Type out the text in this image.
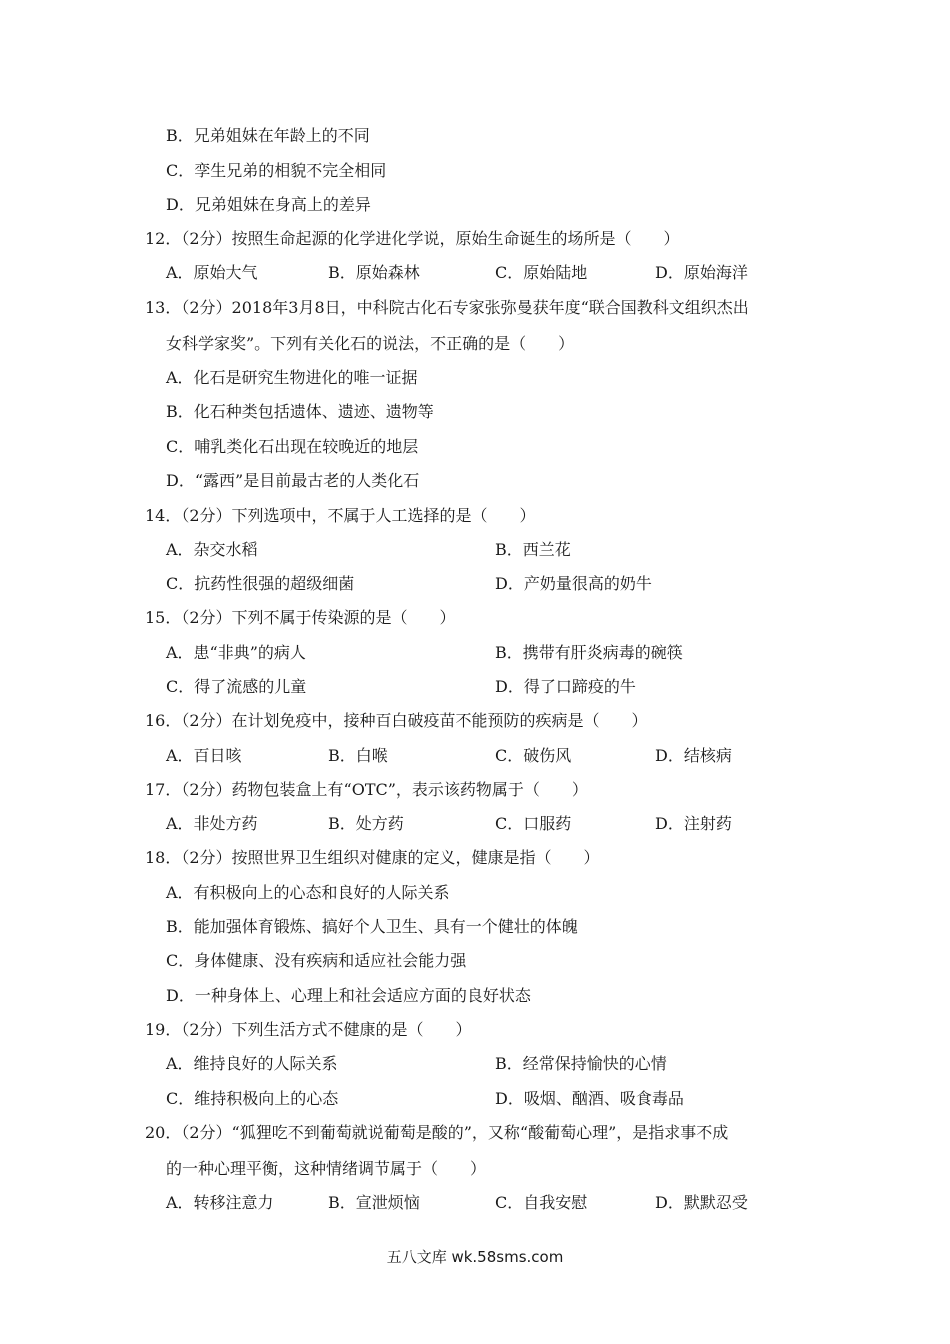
B．兄弟姐妹在年龄上的不同
C．孪生兄弟的相貌不完全相同
D．兄弟姐妹在身高上的差异
12．（2分）按照生命起源的化学进化学说，原始生命诞生的场所是（　　）
A．原始大气	B．原始森林	C．原始陆地	D．原始海洋
13．（2分）2018年3月8日，中科院古化石专家张弥曼获年度“联合国教科文组织杰出
女科学家奖”。下列有关化石的说法，不正确的是（　　）
A．化石是研究生物进化的唯一证据
B．化石种类包括遗体、遗迹、遗物等
C．哺乳类化石出现在较晚近的地层
D．“露西”是目前最古老的人类化石
14．（2分）下列选项中，不属于人工选择的是（　　）
A．杂交水稻	B．西兰花
C．抗药性很强的超级细菌	D．产奶量很高的奶牛
15．（2分）下列不属于传染源的是（　　）
A．患“非典”的病人	B．携带有肝炎病毒的碗筷
C．得了流感的儿童	D．得了口蹄疫的牛
16．（2分）在计划免疫中，接种百白破疫苗不能预防的疾病是（　　）
A．百日咳	B．白喉	C．破伤风	D．结核病
17．（2分）药物包装盒上有“OTC”，表示该药物属于（　　）
A．非处方药	B．处方药	C．口服药	D．注射药
18．（2分）按照世界卫生组织对健康的定义，健康是指（　　）
A．有积极向上的心态和良好的人际关系
B．能加强体育锻炼、搞好个人卫生、具有一个健壮的体魄
C．身体健康、没有疾病和适应社会能力强
D．一种身体上、心理上和社会适应方面的良好状态
19．（2分）下列生活方式不健康的是（　　）
A．维持良好的人际关系	B．经常保持愉快的心情
C．维持积极向上的心态	D．吸烟、酗酒、吸食毒品
20．（2分）“狐狸吃不到葡萄就说葡萄是酸的”，又称“酸葡萄心理”，是指求事不成
的一种心理平衡，这种情绪调节属于（　　）
A．转移注意力	B．宣泄烦恼	C．自我安慰	D．默默忍受
五八文库 wk.58sms.com
